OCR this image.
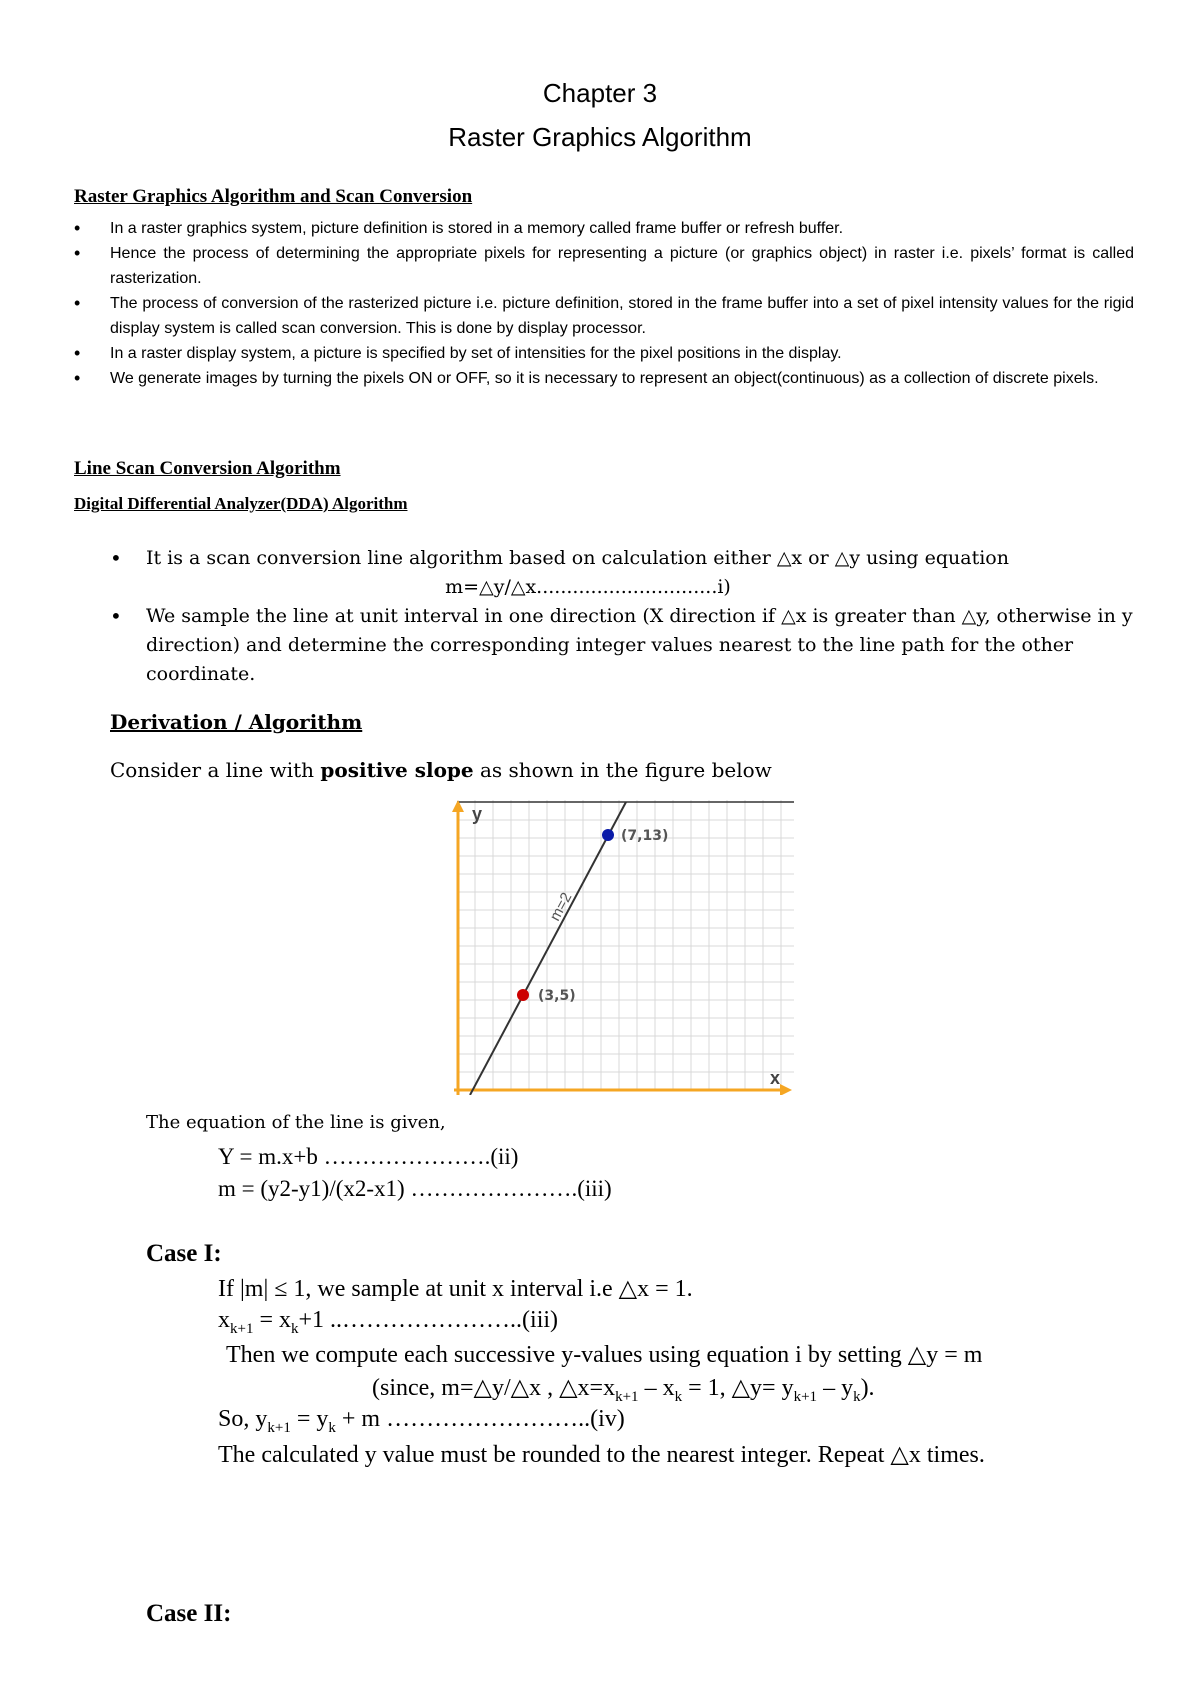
Chapter 3
Raster Graphics Algorithm
Raster Graphics Algorithm and Scan Conversion
• In a raster graphics system, picture definition is stored in a memory called frame buffer or refresh buffer.
• Hence the process of determining the appropriate pixels for representing a picture (or graphics object) in raster i.e. pixels’ format is called rasterization.
• The process of conversion of the rasterized picture i.e. picture definition, stored in the frame buffer into a set of pixel intensity values for the rigid display system is called scan conversion. This is done by display processor.
• In a raster display system, a picture is specified by set of intensities for the pixel positions in the display.
• We generate images by turning the pixels ON or OFF, so it is necessary to represent an object(continuous) as a collection of discrete pixels.
Line Scan Conversion Algorithm
Digital Differential Analyzer(DDA) Algorithm
• It is a scan conversion line algorithm based on calculation either △x or △y using equation
m=△y/△x..............................i)
• We sample the line at unit interval in one direction (X direction if △x is greater than △y, otherwise in y direction) and determine the corresponding integer values nearest to the line path for the other coordinate.
Derivation / Algorithm
Consider a line with positive slope as shown in the figure below
y
x
m=2
(3,5)
(7,13)
The equation of the line is given,
Y = m.x+b ………………….(ii)
m = (y2-y1)/(x2-x1) ………………….(iii)
Case I:
If |m| ≤ 1, we sample at unit x interval i.e △x = 1.
$x_{k+1} = x_k+1$ ..…………………..(iii)
Then we compute each successive y-values using equation i by setting △y = m
(since, m=△y/△x , $\triangle x=x_{k+1} - x_k = 1$, △y= $y_{k+1} - y_k$).
So, $y_{k+1} = y_k + m$ ……………………..(iv)
The calculated y value must be rounded to the nearest integer. Repeat △x times.
Case II:
